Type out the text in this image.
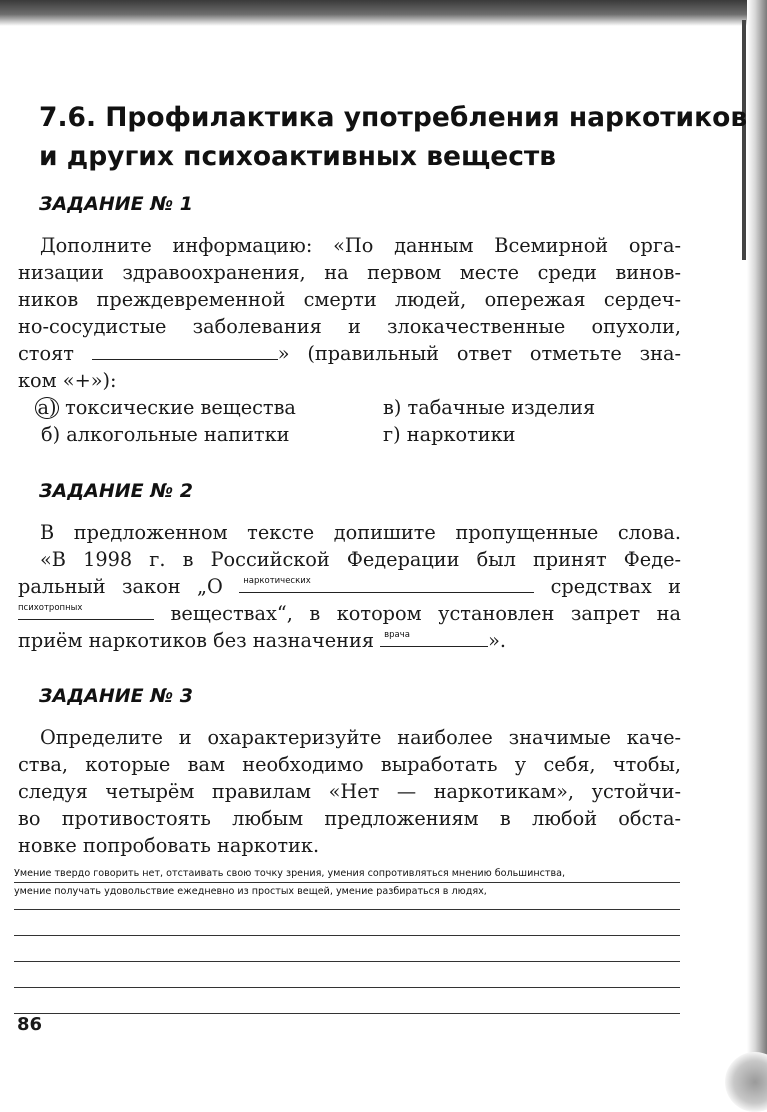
7.6. Профилактика употребления наркотиков
и других психоактивных веществ
ЗАДАНИЕ № 1
Дополните информацию: «По данным Всемирной орга-
низации здравоохранения, на первом месте среди винов-
ников преждевременной смерти людей, опережая сердеч-
но-сосудистые заболевания и злокачественные опухоли,
стоят	» (правильный ответ отметьте зна-
ком «+»):
а) токсические вещества
б) алкогольные напитки
в) табачные изделия
г) наркотики
ЗАДАНИЕ № 2
В предложенном тексте допишите пропущенные слова.
«В 1998 г. в Российской Федерации был принят Феде-
ральный закон „О наркотических	средствах и
психотропных	веществах“, в котором установлен запрет на
приём наркотиков без назначения врача	».
ЗАДАНИЕ № 3
Определите и охарактеризуйте наиболее значимые каче-
ства, которые вам необходимо выработать у себя, чтобы,
следуя четырём правилам «Нет — наркотикам», устойчи-
во противостоять любым предложениям в любой обста-
новке попробовать наркотик.
Умение твердо говорить нет, отстаивать свою точку зрения, умения сопротивляться мнению большинства,
умение получать удовольствие ежедневно из простых вещей, умение разбираться в людях,
86
